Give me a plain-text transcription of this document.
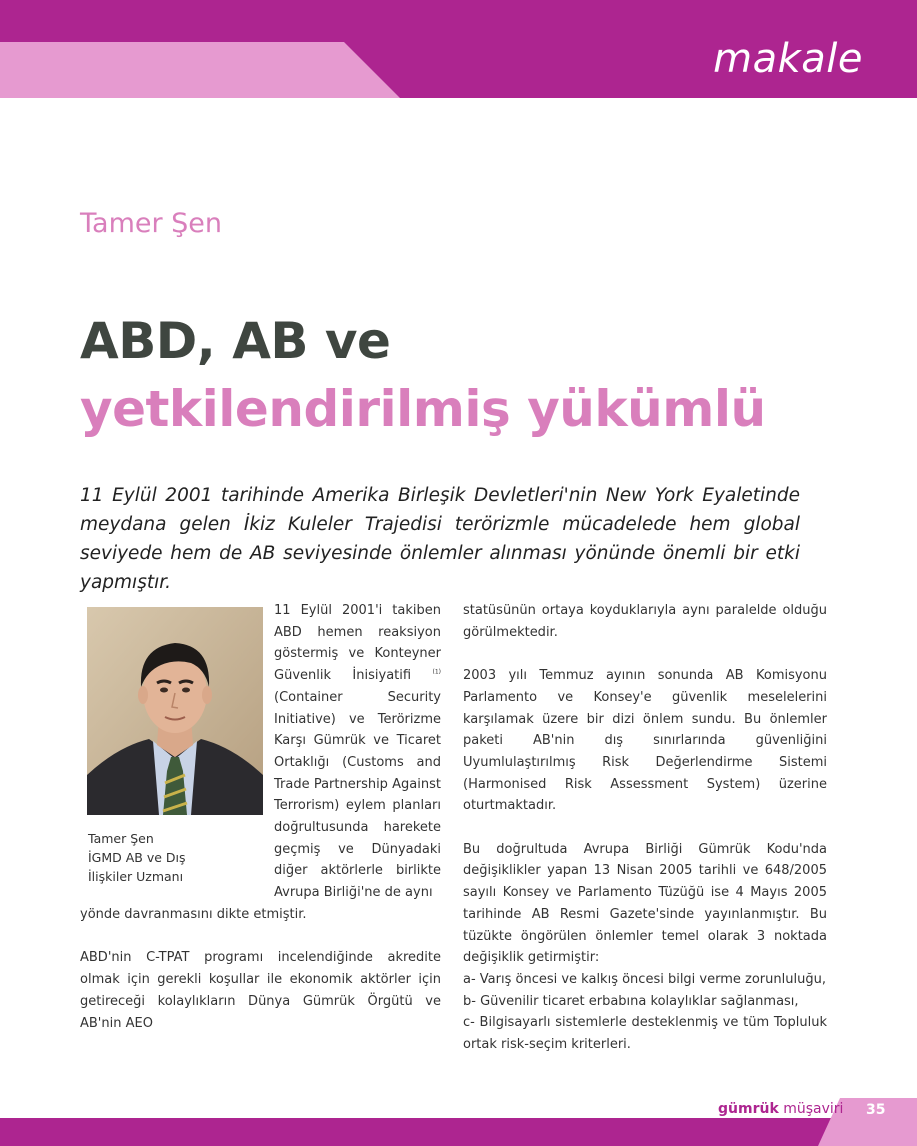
makale
Tamer Şen
ABD, AB ve
yetkilendirilmiş yükümlü
11 Eylül 2001 tarihinde Amerika Birleşik Devletleri'nin New York Eyaletinde meydana gelen İkiz Kuleler Trajedisi terörizmle mücadelede hem global seviyede hem de AB seviyesinde önlemler alınması yönünde önemli bir etki yapmıştır.
Tamer Şen
İGMD AB ve Dış
İlişkiler Uzmanı

11 Eylül 2001'i takiben ABD hemen reaksiyon göstermiş ve Konteyner Güvenlik İnisiyatifi	$^{(1)}$ (Container Security Initiative) ve Terörizme Karşı Gümrük ve Ticaret Ortaklığı (Customs and Trade Partnership Against Terrorism) eylem planları doğrultusunda harekete geçmiş ve Dünyadaki diğer aktörlerle birlikte Avrupa Birliği'ne de aynı

yönde davranmasını dikte etmiştir.

ABD'nin C-TPAT programı incelendiğinde akredite olmak için gerekli koşullar ile ekonomik aktörler için getireceği kolaylıkların Dünya Gümrük Örgütü ve AB'nin AEO

statüsünün ortaya koyduklarıyla aynı paralelde olduğu görülmektedir.

2003 yılı Temmuz ayının sonunda AB Komisyonu Parlamento ve Konsey'e güvenlik meselelerini karşılamak üzere bir dizi önlem sundu. Bu önlemler paketi AB'nin dış sınırlarında güvenliğini Uyumlulaştırılmış Risk Değerlendirme Sistemi (Harmonised Risk Assessment System) üzerine oturtmaktadır.

Bu doğrultuda Avrupa Birliği Gümrük Kodu'nda değişiklikler yapan 13 Nisan 2005 tarihli ve 648/2005 sayılı Konsey ve Parlamento Tüzüğü ise 4 Mayıs 2005 tarihinde AB Resmi Gazete'sinde yayınlanmıştır. Bu tüzükte öngörülen önlemler temel olarak 3 noktada değişiklik getirmiştir:

a- Varış öncesi ve kalkış öncesi bilgi verme zorunluluğu,

b- Güvenilir ticaret erbabına kolaylıklar sağlanması,

c- Bilgisayarlı sistemlerle desteklenmiş ve tüm Topluluk ortak risk-seçim kriterleri.

gümrük müşaviri 35
